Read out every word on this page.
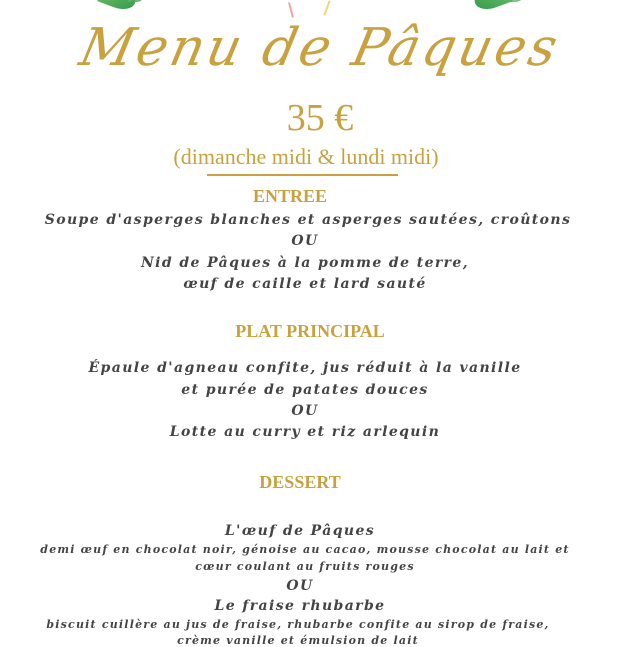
Menu de Pâques
35 €
(dimanche midi & lundi midi)
ENTREE
Soupe d'asperges blanches et asperges sautées, croûtons
OU
Nid de Pâques à la pomme de terre,
œuf de caille et lard sauté
PLAT PRINCIPAL
Épaule d'agneau confite, jus réduit à la vanille
et purée de patates douces
OU
Lotte au curry et riz arlequin
DESSERT
L'œuf de Pâques
demi œuf en chocolat noir, génoise au cacao, mousse chocolat au lait et
cœur coulant au fruits rouges
OU
Le fraise rhubarbe
biscuit cuillère au jus de fraise, rhubarbe confite au sirop de fraise,
crème vanille et émulsion de lait
